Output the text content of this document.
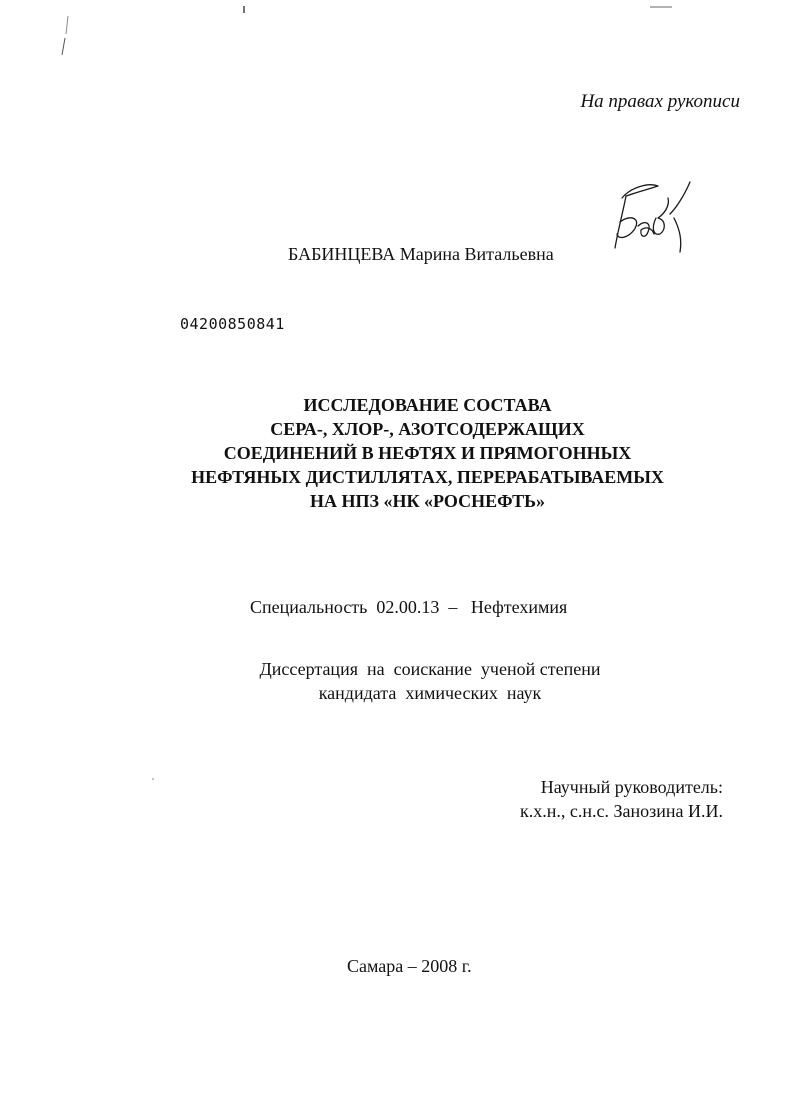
На правах рукописи
БАБИНЦЕВА Марина Витальевна
04200850841
ИССЛЕДОВАНИЕ СОСТАВА
СЕРА-, ХЛОР-, АЗОТСОДЕРЖАЩИХ
СОЕДИНЕНИЙ В НЕФТЯХ И ПРЯМОГОННЫХ
НЕФТЯНЫХ ДИСТИЛЛЯТАХ, ПЕРЕРАБАТЫВАЕМЫХ
НА НПЗ «НК «РОСНЕФТЬ»
Специальность  02.00.13  –   Нефтехимия
Диссертация  на  соискание  ученой степени
кандидата  химических  наук
Научный руководитель:
к.х.н., с.н.с. Занозина И.И.
Самара – 2008 г.
